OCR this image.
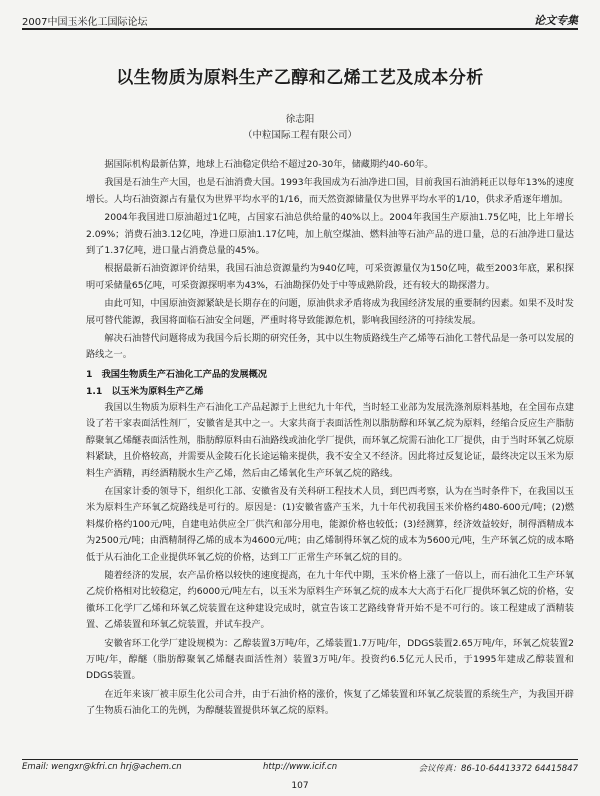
2007中国玉米化工国际论坛	论文专集
以生物质为原料生产乙醇和乙烯工艺及成本分析
徐志阳
（中粒国际工程有限公司）

据国际机构最新估算，地球上石油稳定供给不超过20-30年，储藏期约40-60年。

我国是石油生产大国，也是石油消费大国。1993年我国成为石油净进口国，目前我国石油消耗正以每年13%的速度增长。人均石油资源占有量仅为世界平均水平的1/16，而天然资源储量仅为世界平均水平的1/10，供求矛盾逐年增加。

2004年我国进口原油超过1亿吨，占国家石油总供给量的40%以上。2004年我国生产原油1.75亿吨，比上年增长2.09%；消费石油3.12亿吨，净进口原油1.17亿吨，加上航空煤油、燃料油等石油产品的进口量，总的石油净进口量达到了1.37亿吨，进口量占消费总量的45%。

根据最新石油资源评价结果，我国石油总资源量约为940亿吨，可采资源量仅为150亿吨，截至2003年底，累积探明可采储量65亿吨，可采资源探明率为43%，石油勘探仍处于中等成熟阶段，还有较大的勘探潜力。

由此可知，中国原油资源紧缺是长期存在的问题，原油供求矛盾将成为我国经济发展的重要制约因素。如果不及时发展可替代能源，我国将面临石油安全问题，严重时将导致能源危机，影响我国经济的可持续发展。

解决石油替代问题将成为我国今后长期的研究任务，其中以生物质路线生产乙烯等石油化工替代品是一条可以发展的路线之一。

1　我国生物质生产石油化工产品的发展概况
1.1　以玉米为原料生产乙烯

我国以生物质为原料生产石油化工产品起源于上世纪九十年代，当时轻工业部为发展洗涤剂原料基地，在全国布点建设了若干家表面活性剂厂，安徽省是其中之一。大家共商于表面活性剂以脂肪醇和环氧乙烷为原料，经缩合反应生产脂肪醇聚氧乙烯醚表面活性剂，脂肪醇原料由石油路线或油化学厂提供，而环氧乙烷需石油化工厂提供，由于当时环氧乙烷原料紧缺，且价格较高，并需要从金陵石化长途运输来提供，我不安全又不经济。因此将过反复论证，最终决定以玉米为原料生产酒精，再经酒精脱水生产乙烯，然后由乙烯氧化生产环氧乙烷的路线。

在国家计委的领导下，组织化工部、安徽省及有关科研工程技术人员，到巴西考察，认为在当时条件下，在我国以玉米为原料生产环氧乙烷路线是可行的。原因是：(1)安徽省盛产玉米，九十年代初我国玉米价格约480-600元/吨；(2)燃料煤价格约100元/吨，自建电站供应全厂供汽和部分用电，能源价格也较低；(3)经测算，经济效益较好，制得酒精成本为2500元/吨；由酒精制得乙烯的成本为4600元/吨；由乙烯制得环氧乙烷的成本为5600元/吨，生产环氧乙烷的成本略低于从石油化工企业提供环氧乙烷的价格，达到工厂正常生产环氧乙烷的目的。

随着经济的发展，农产品价格以较快的速度提高，在九十年代中期，玉米价格上涨了一倍以上，而石油化工生产环氧乙烷价格相对比较稳定，约6000元/吨左右，以玉米为原料生产环氧乙烷的成本大大高于石化厂提供环氧乙烷的价格，安徽环工化学厂乙烯和环氧乙烷装置在这种建设完成时，就宣告该工艺路线脊背开始不是不可行的。该工程建成了酒精装置、乙烯装置和环氧乙烷装置，并试车投产。

安徽省环工化学厂建设规模为：乙醇装置3万吨/年，乙烯装置1.7万吨/年，DDGS装置2.65万吨/年，环氧乙烷装置2万吨/年，醇醚（脂肪醇聚氧乙烯醚表面活性剂）装置3万吨/年。投资约6.5亿元人民币，于1995年建成乙醇装置和DDGS装置。

在近年来该厂被丰原生化公司合并，由于石油价格的涨价，恢复了乙烯装置和环氧乙烷装置的系统生产，为我国开辟了生物质石油化工的先例，为醇醚装置提供环氧乙烷的原料。

Email: wengxr@kfri.cn hrj@achem.cn	http://www.icif.cn	会议传真：86-10-64413372 64415847
107
